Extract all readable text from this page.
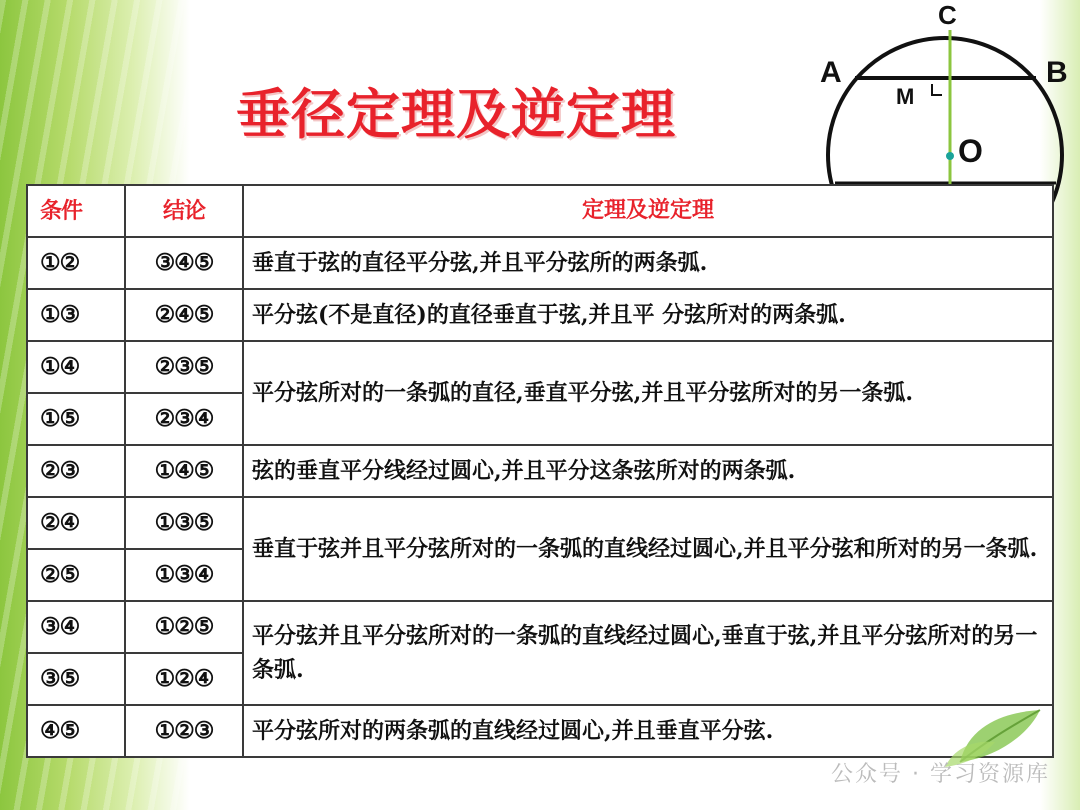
垂径定理及逆定理
C
A	B
M
O
条件	结论	定理及逆定理
①②	③④⑤	垂直于弦的直径平分弦,并且平分弦所的两条弧.
①③	②④⑤	平分弦(不是直径)的直径垂直于弦,并且平 分弦所对的两条弧.
①④	②③⑤	平分弦所对的一条弧的直径,垂直平分弦,并且平分弦所对的另一条弧.
①⑤	②③④	
②③	①④⑤	弦的垂直平分线经过圆心,并且平分这条弦所对的两条弧.
②④	①③⑤	垂直于弦并且平分弦所对的一条弧的直线经过圆心,并且平分弦和所对的另一条弧.
②⑤	①③④	
③④	①②⑤	平分弦并且平分弦所对的一条弧的直线经过圆心,垂直于弦,并且平分弦所对的另一条弧.
③⑤	①②④	
④⑤	①②③	平分弦所对的两条弧的直线经过圆心,并且垂直平分弦.
公众号 · 学习资源库
